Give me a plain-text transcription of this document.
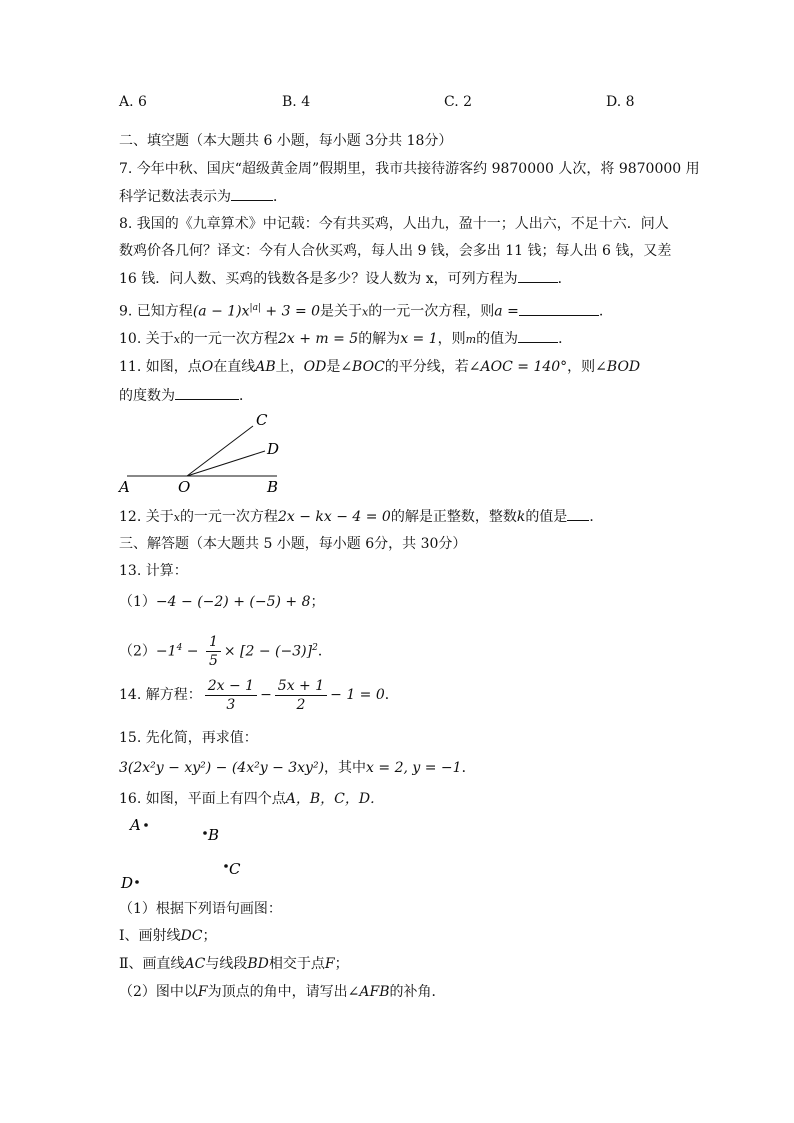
A. 6	B. 4	C. 2	D. 8
二、填空题（本大题共 6 小题，每小题 3分共 18分）
7. 今年中秋、国庆“超级黄金周”假期里，我市共接待游客约 9870000 人次，将 9870000 用
科学记数法表示为	．
8. 我国的《九章算术》中记载：今有共买鸡，人出九，盈十一；人出六，不足十六．问人
数鸡价各几何？译文：今有人合伙买鸡，每人出 9 钱，会多出 11 钱；每人出 6 钱，又差
16 钱．问人数、买鸡的钱数各是多少？设人数为 x，可列方程为	．
9. 已知方程$(a - 1)x^{|a|} + 3 = 0$是关于x的一元一次方程，则a =	.
10. 关于x的一元一次方程2x + m = 5的解为x = 1，则m的值为	．
11. 如图，点O在直线AB上，OD是∠BOC的平分线，若∠AOC = 140°，则∠BOD
的度数为	．
A	O	B
C
D
12. 关于x的一元一次方程2x − kx − 4 = 0的解是正整数，整数k的值是 ．
三、解答题（本大题共 5 小题，每小题 6分，共 30分）
13. 计算：
（1）−4 − (−2) + (−5) + 8；
$(2)-1^4 - \frac{1}{5} \times [2 - (-3)]^2$．
14. 解方程： $\frac{2x - 1}{3} - \frac{5x + 1}{2} - 1 = 0$．
15. 先化简，再求值：
3(2x²y − xy²) − (4x²y − 3xy²)，其中x = 2, y = −1．
16. 如图，平面上有四个点A，B，C，D．
A
B
C
D
（1）根据下列语句画图：
Ⅰ、画射线DC；
Ⅱ、画直线AC与线段BD相交于点F；
（2）图中以F为顶点的角中，请写出∠AFB的补角．
